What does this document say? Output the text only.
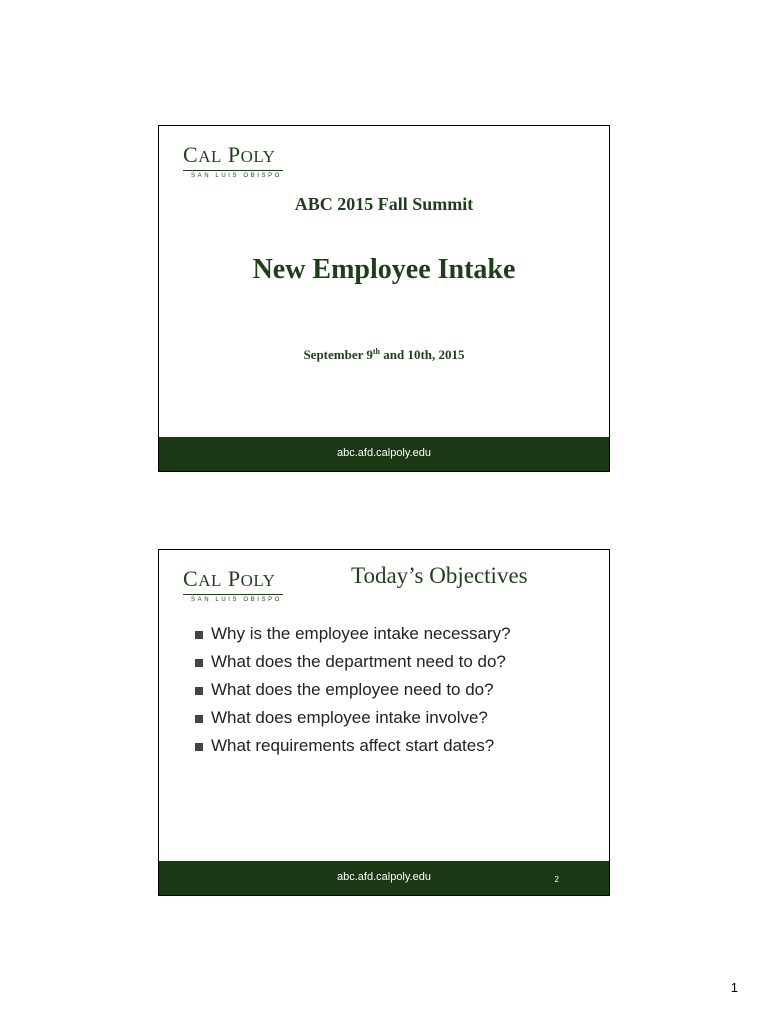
CAL POLY
SAN LUIS OBISPO
ABC 2015 Fall Summit
New Employee Intake
September 9th and 10th, 2015
abc.afd.calpoly.edu
CAL POLY
SAN LUIS OBISPO
Today’s Objectives
Why is the employee intake necessary?
What does the department need to do?
What does the employee need to do?
What does employee intake involve?
What requirements affect start dates?
abc.afd.calpoly.edu	2
1
